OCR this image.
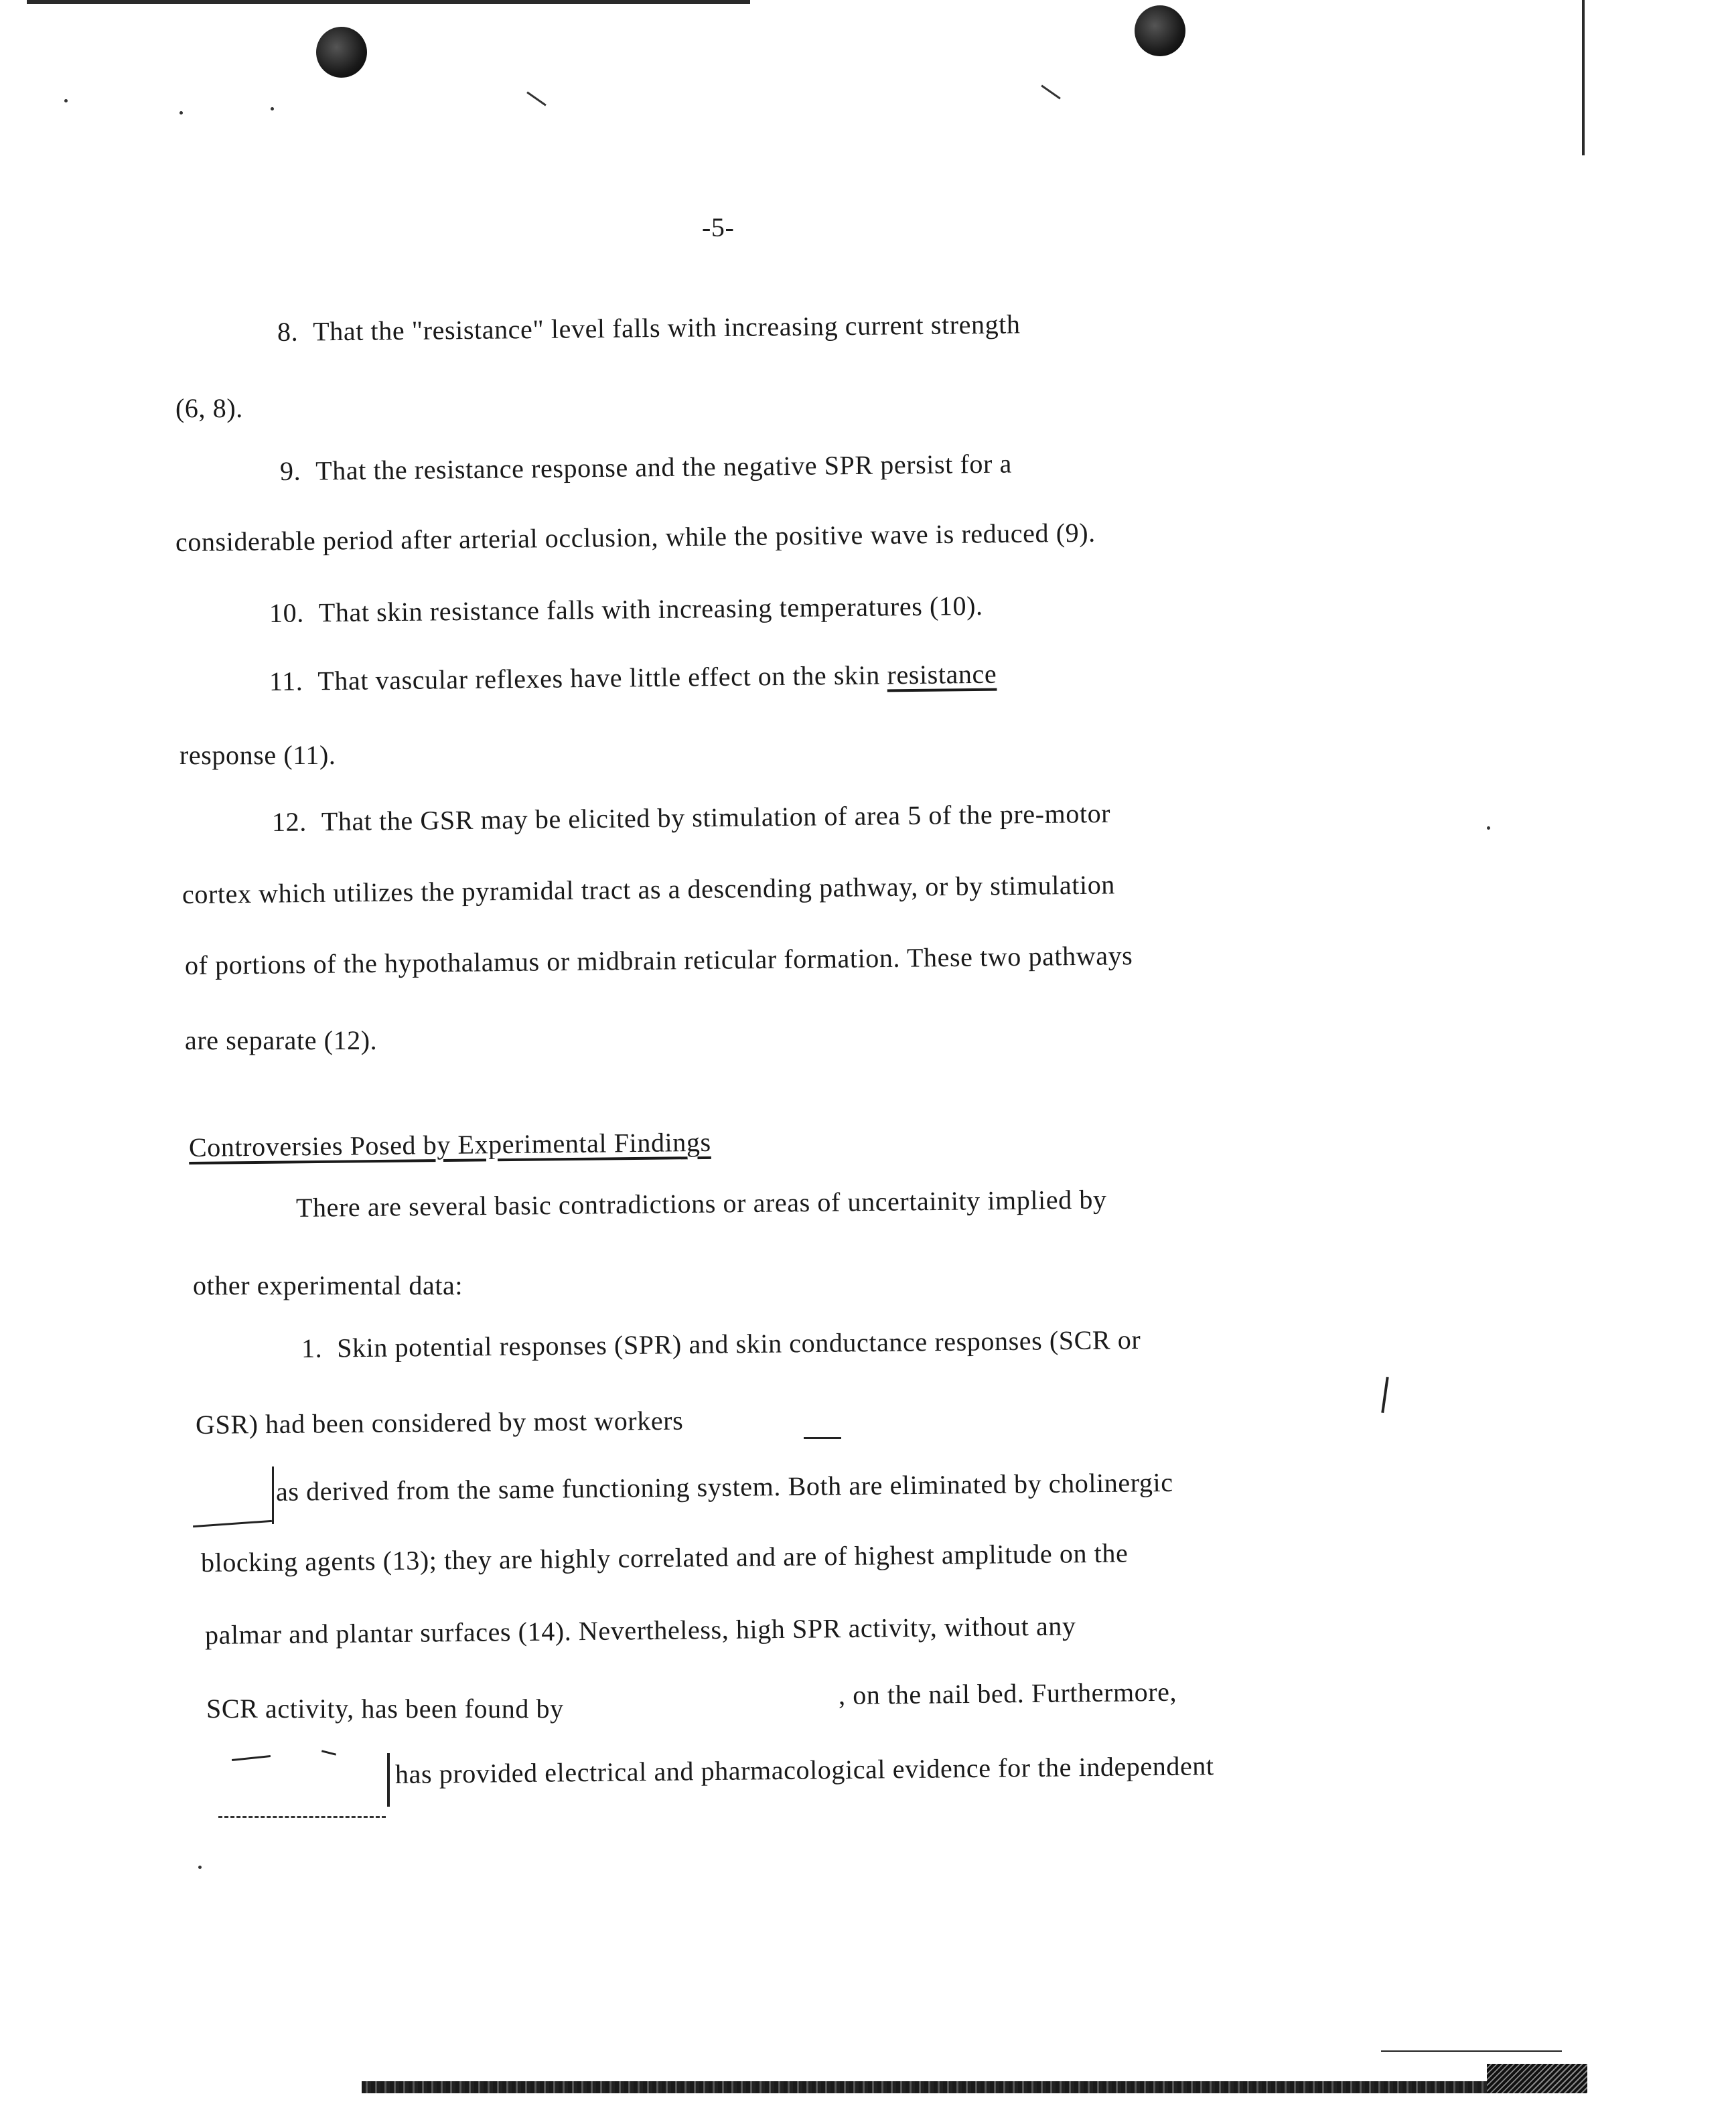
-5-
8. That the "resistance" level falls with increasing current strength
(6, 8).
9. That the resistance response and the negative SPR persist for a
considerable period after arterial occlusion, while the positive wave is reduced (9).
10. That skin resistance falls with increasing temperatures (10).
11. That vascular reflexes have little effect on the skin resistance
response (11).
12. That the GSR may be elicited by stimulation of area 5 of the pre-motor
cortex which utilizes the pyramidal tract as a descending pathway, or by stimulation
of portions of the hypothalamus or midbrain reticular formation. These two pathways
are separate (12).
Controversies Posed by Experimental Findings
There are several basic contradictions or areas of uncertainity implied by
other experimental data:
1. Skin potential responses (SPR) and skin conductance responses (SCR or
GSR) had been considered by most workers
as derived from the same functioning system. Both are eliminated by cholinergic
blocking agents (13); they are highly correlated and are of highest amplitude on the
palmar and plantar surfaces (14). Nevertheless, high SPR activity, without any
SCR activity, has been found by	, on the nail bed. Furthermore,
has provided electrical and pharmacological evidence for the independent
